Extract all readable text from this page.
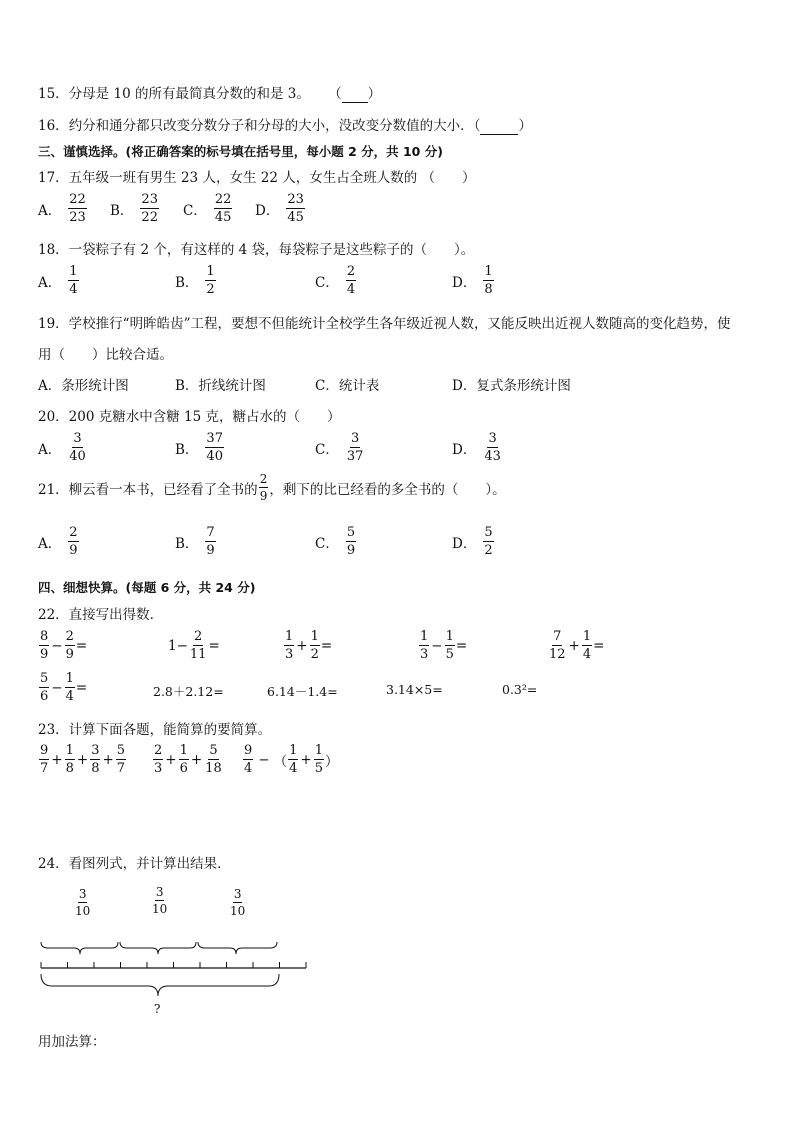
15．分母是 10 的所有最简真分数的和是 3。 （ ）
16．约分和通分都只改变分数分子和分母的大小，没改变分数值的大小．（	）
三、谨慎选择。(将正确答案的标号填在括号里，每小题 2 分，共 10 分)
17．五年级一班有男生 23 人，女生 22 人，女生占全班人数的 （　　）
A． $\frac{22}{23}$ B． $\frac{23}{22}$ C． $\frac{22}{45}$ D． $\frac{23}{45}$
18．一袋粽子有 2 个，有这样的 4 袋，每袋粽子是这些粽子的（　　）。
A． $\frac{1}{4}$	B． $\frac{1}{2}$	C． $\frac{2}{4}$	D． $\frac{1}{8}$
19．学校推行“明眸皓齿”工程，要想不但能统计全校学生各年级近视人数，又能反映出近视人数随高的变化趋势，使
用（　　）比较合适。
A． 条形统计图	B． 折线统计图	C． 统计表	D． 复式条形统计图
20．200 克糖水中含糖 15 克，糖占水的（　　）
A． $\frac{3}{40}$	B． $\frac{37}{40}$	C． $\frac{3}{37}$	D． $\frac{3}{43}$
21．柳云看一本书，已经看了全书的 $\frac{2}{9}$ ，剩下的比已经看的多全书的（　　）。
A． $\frac{2}{9}$	B． $\frac{7}{9}$	C． $\frac{5}{9}$	D． $\frac{5}{2}$
四、细想快算。(每题 6 分，共 24 分)
22．直接写出得数．
$\frac{8}{9} - \frac{2}{9}$ =	$1- \frac{2}{11}$ =	$\frac{1}{3} + \frac{1}{2}$ =	$\frac{1}{3} - \frac{1}{5}$ =	$\frac{7}{12} + \frac{1}{4}$ =
$\frac{5}{6} - \frac{1}{4}$ =	2.8＋2.12=	6.14－1.4=	3.14×5=	0.3²=
23．计算下面各题，能简算的要简算。
$\frac{9}{7} + \frac{1}{8} + \frac{3}{8} + \frac{5}{7} \frac{2}{3} + \frac{1}{6} + \frac{5}{18} \frac{9}{4}$ − （ $\frac{1}{4} + \frac{1}{5}$ ）
24．看图列式，并计算出结果．
$\frac{3}{10}$	$\frac{3}{10}$	$\frac{3}{10}$
?
用加法算：
